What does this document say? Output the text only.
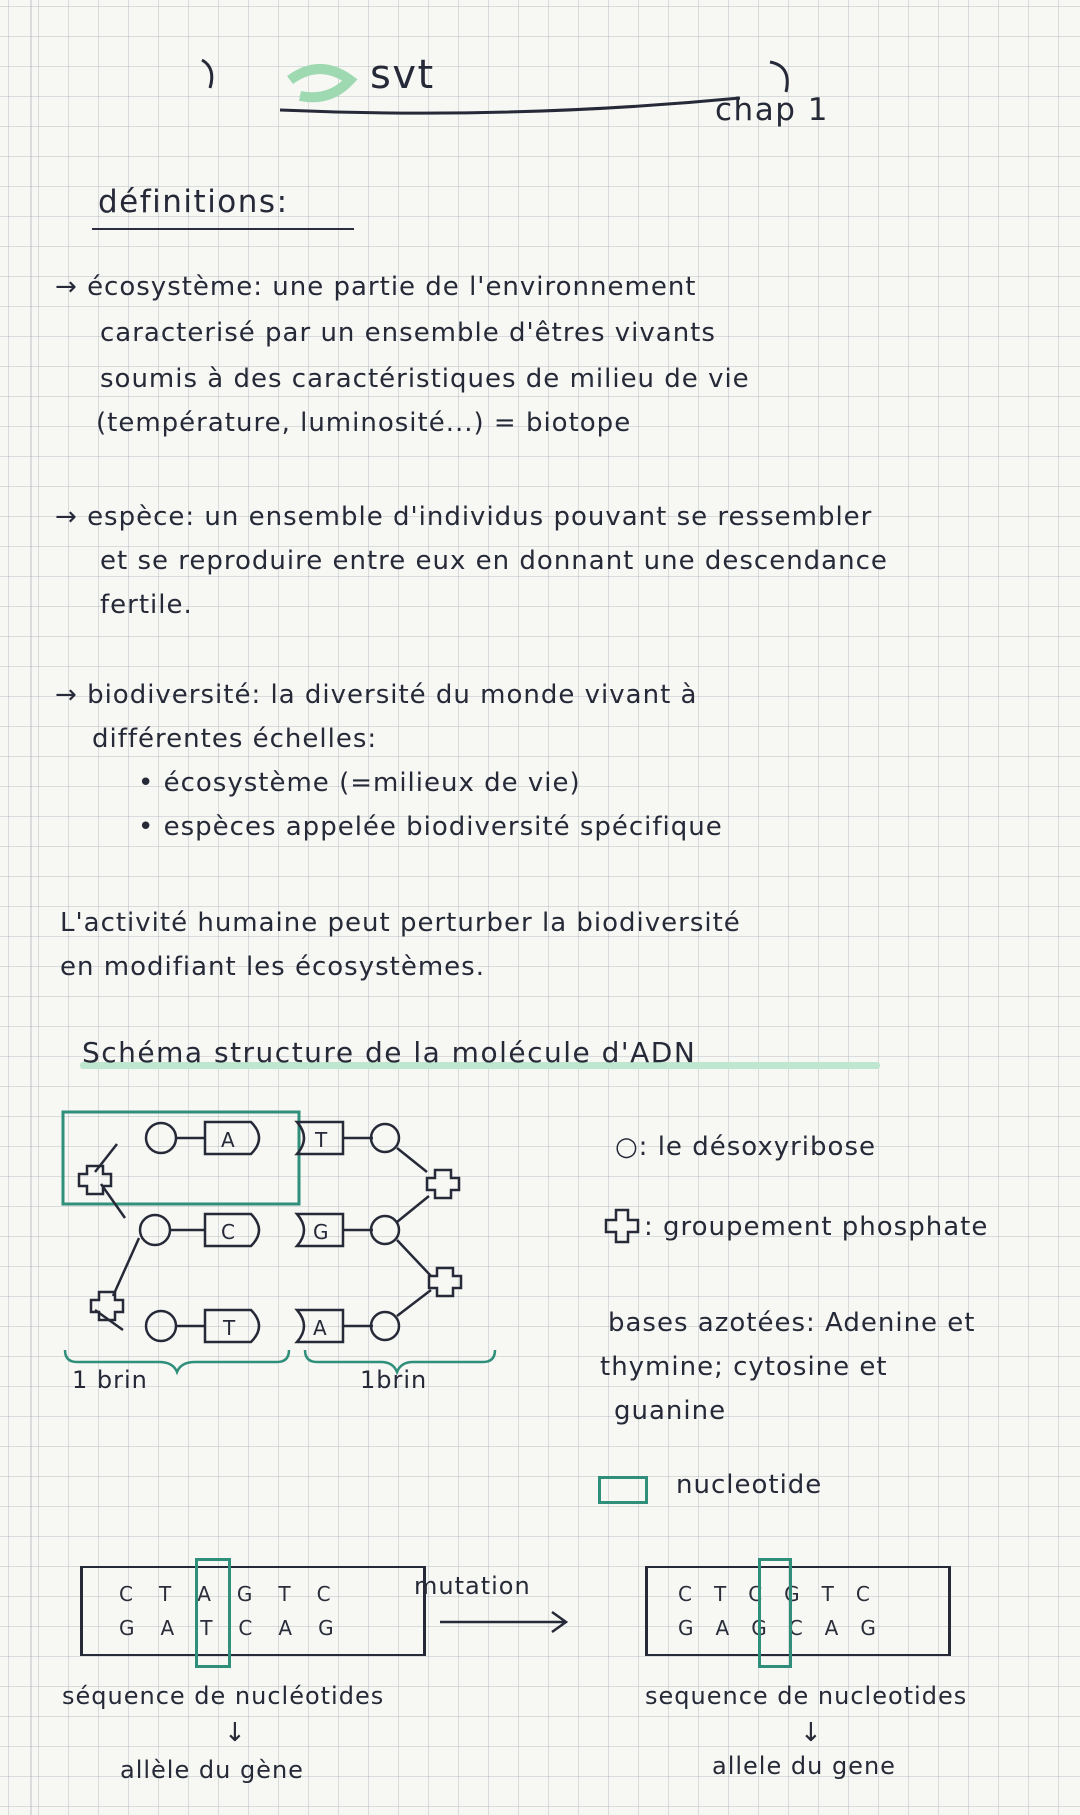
svt
chap 1
définitions:
→ écosystème: une partie de l'environnement
caracterisé par un ensemble d'êtres vivants
soumis à des caractéristiques de milieu de vie
(température, luminosité...) = biotope
→ espèce: un ensemble d'individus pouvant se ressembler
et se reproduire entre eux en donnant une descendance
fertile.
→ biodiversité: la diversité du monde vivant à
différentes échelles:
• écosystème (=milieux de vie)
• espèces appelée biodiversité spécifique
L'activité humaine peut perturber la biodiversité
en modifiant les écosystèmes.
Schéma structure de la molécule d'ADN
A
C
T
T
G
A
1 brin	1brin
○: le désoxyribose
: groupement phosphate
bases azotées: Adenine et
thymine; cytosine et
guanine
nucleotide
C T A G T C
G A T C A G
mutation
séquence de nucléotides
↓
allèle du gène
C T C G T C
G A G C A G
sequence de nucleotides
↓
allele du gene
